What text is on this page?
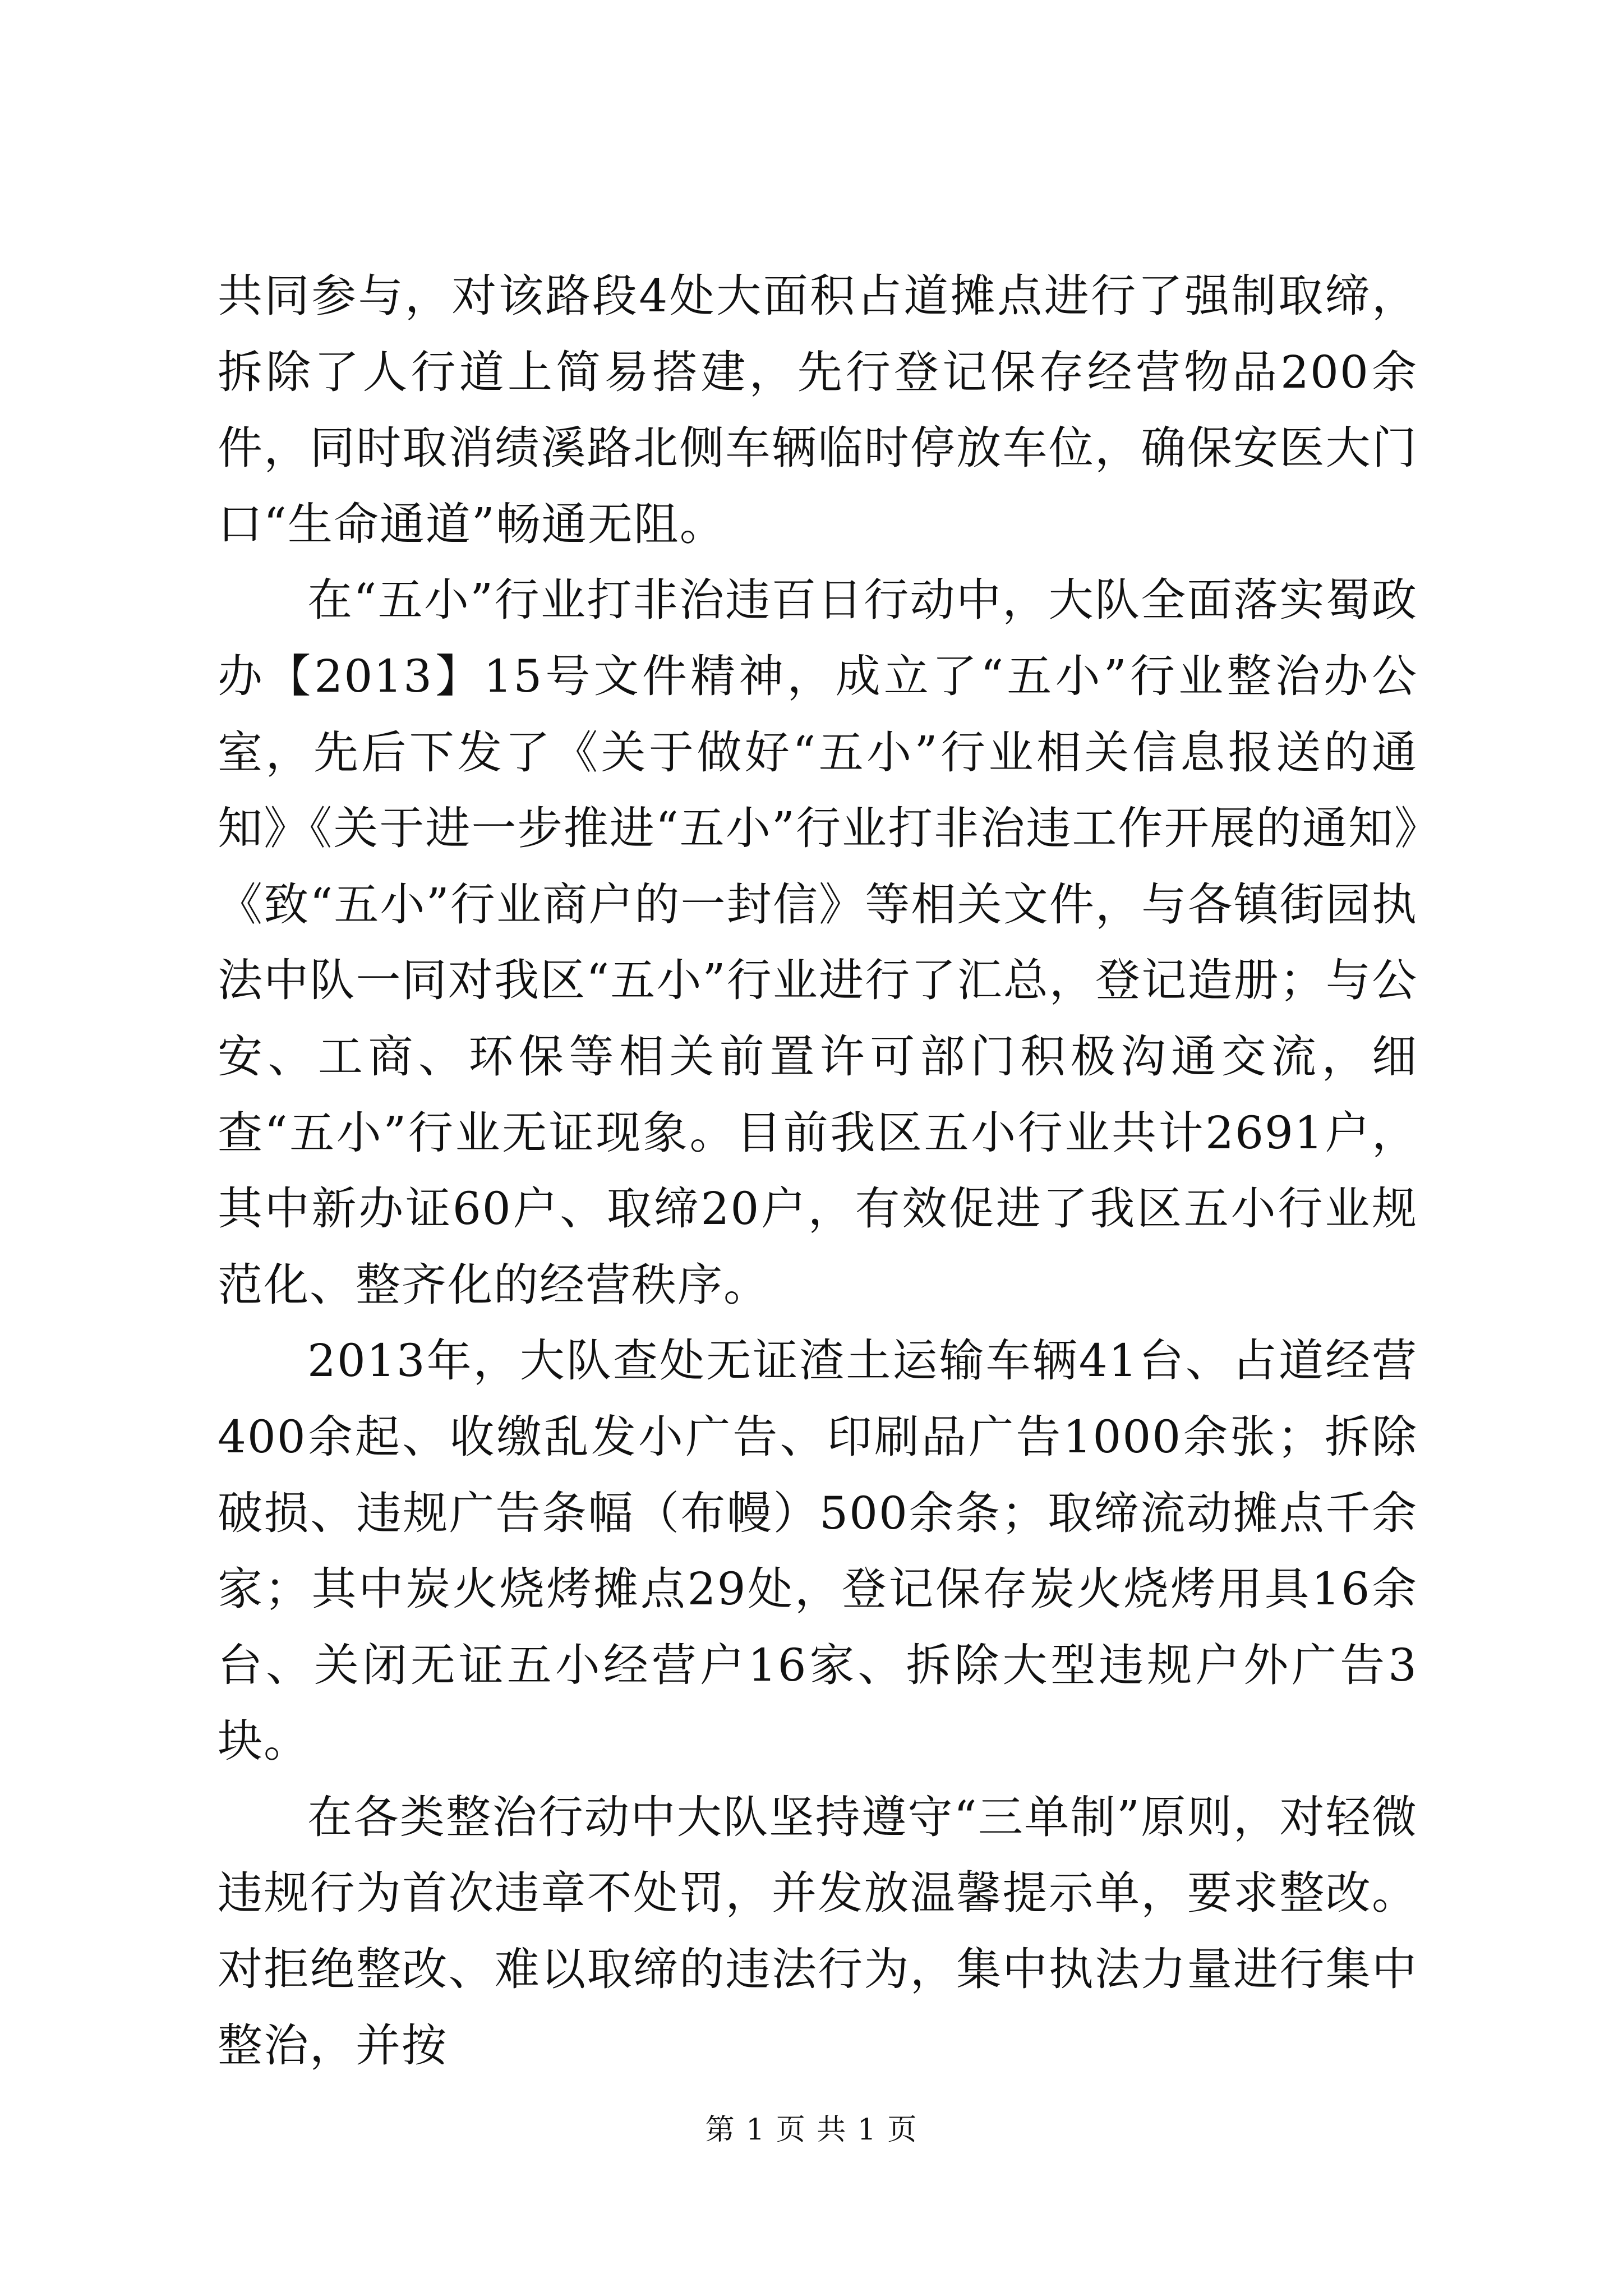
共同参与，对该路段4处大面积占道摊点进行了强制取缔，拆除了人行道上简易搭建，先行登记保存经营物品200余件，同时取消绩溪路北侧车辆临时停放车位，确保安医大门口“生命通道”畅通无阻。

在“五小”行业打非治违百日行动中，大队全面落实蜀政办【2013】15号文件精神，成立了“五小”行业整治办公室，先后下发了《关于做好“五小”行业相关信息报送的通知》《关于进一步推进“五小”行业打非治违工作开展的通知》《致“五小”行业商户的一封信》等相关文件，与各镇街园执法中队一同对我区“五小”行业进行了汇总，登记造册；与公安、工商、环保等相关前置许可部门积极沟通交流，细查“五小”行业无证现象。目前我区五小行业共计2691户，其中新办证60户、取缔20户，有效促进了我区五小行业规范化、整齐化的经营秩序。

2013年，大队查处无证渣土运输车辆41台、占道经营400余起、收缴乱发小广告、印刷品广告1000余张；拆除破损、违规广告条幅（布幔）500余条；取缔流动摊点千余家；其中炭火烧烤摊点29处，登记保存炭火烧烤用具16余台、关闭无证五小经营户16家、拆除大型违规户外广告3块。

在各类整治行动中大队坚持遵守“三单制”原则，对轻微违规行为首次违章不处罚，并发放温馨提示单，要求整改。对拒绝整改、难以取缔的违法行为，集中执法力量进行集中整治，并按

第 1 页 共 1 页
